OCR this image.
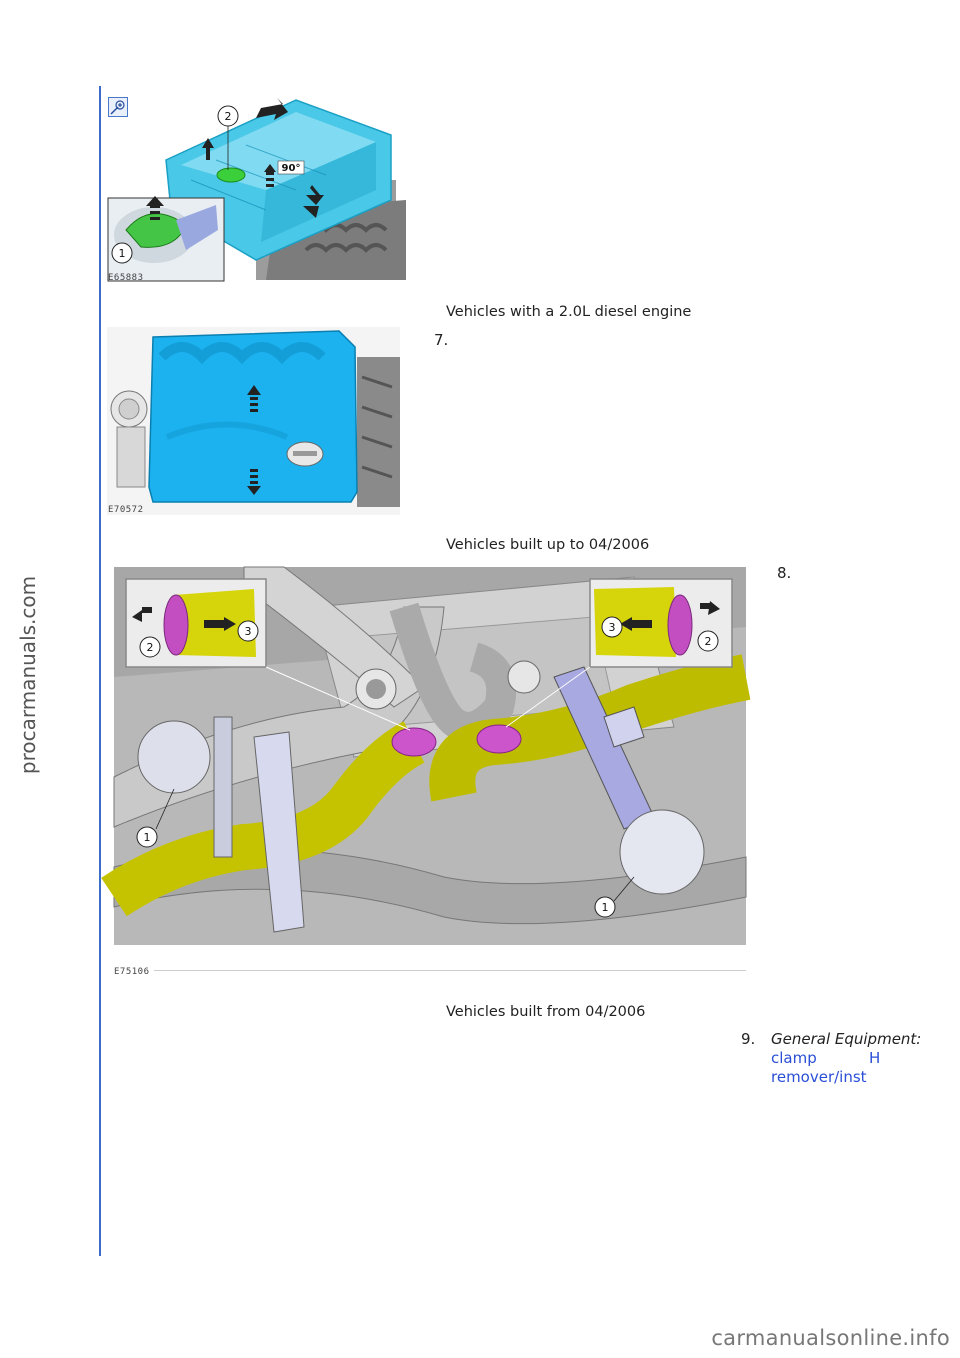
procarmanuals.com
90°
2
1
E65883
Vehicles with a 2.0L diesel engine
E70572
7.
Vehicles built up to 04/2006
2
3	3
2
1
1
E75106
8.
Vehicles built from 04/2006
9. General Equipment:
H
clamp
remover/inst
carmanualsonline.info
